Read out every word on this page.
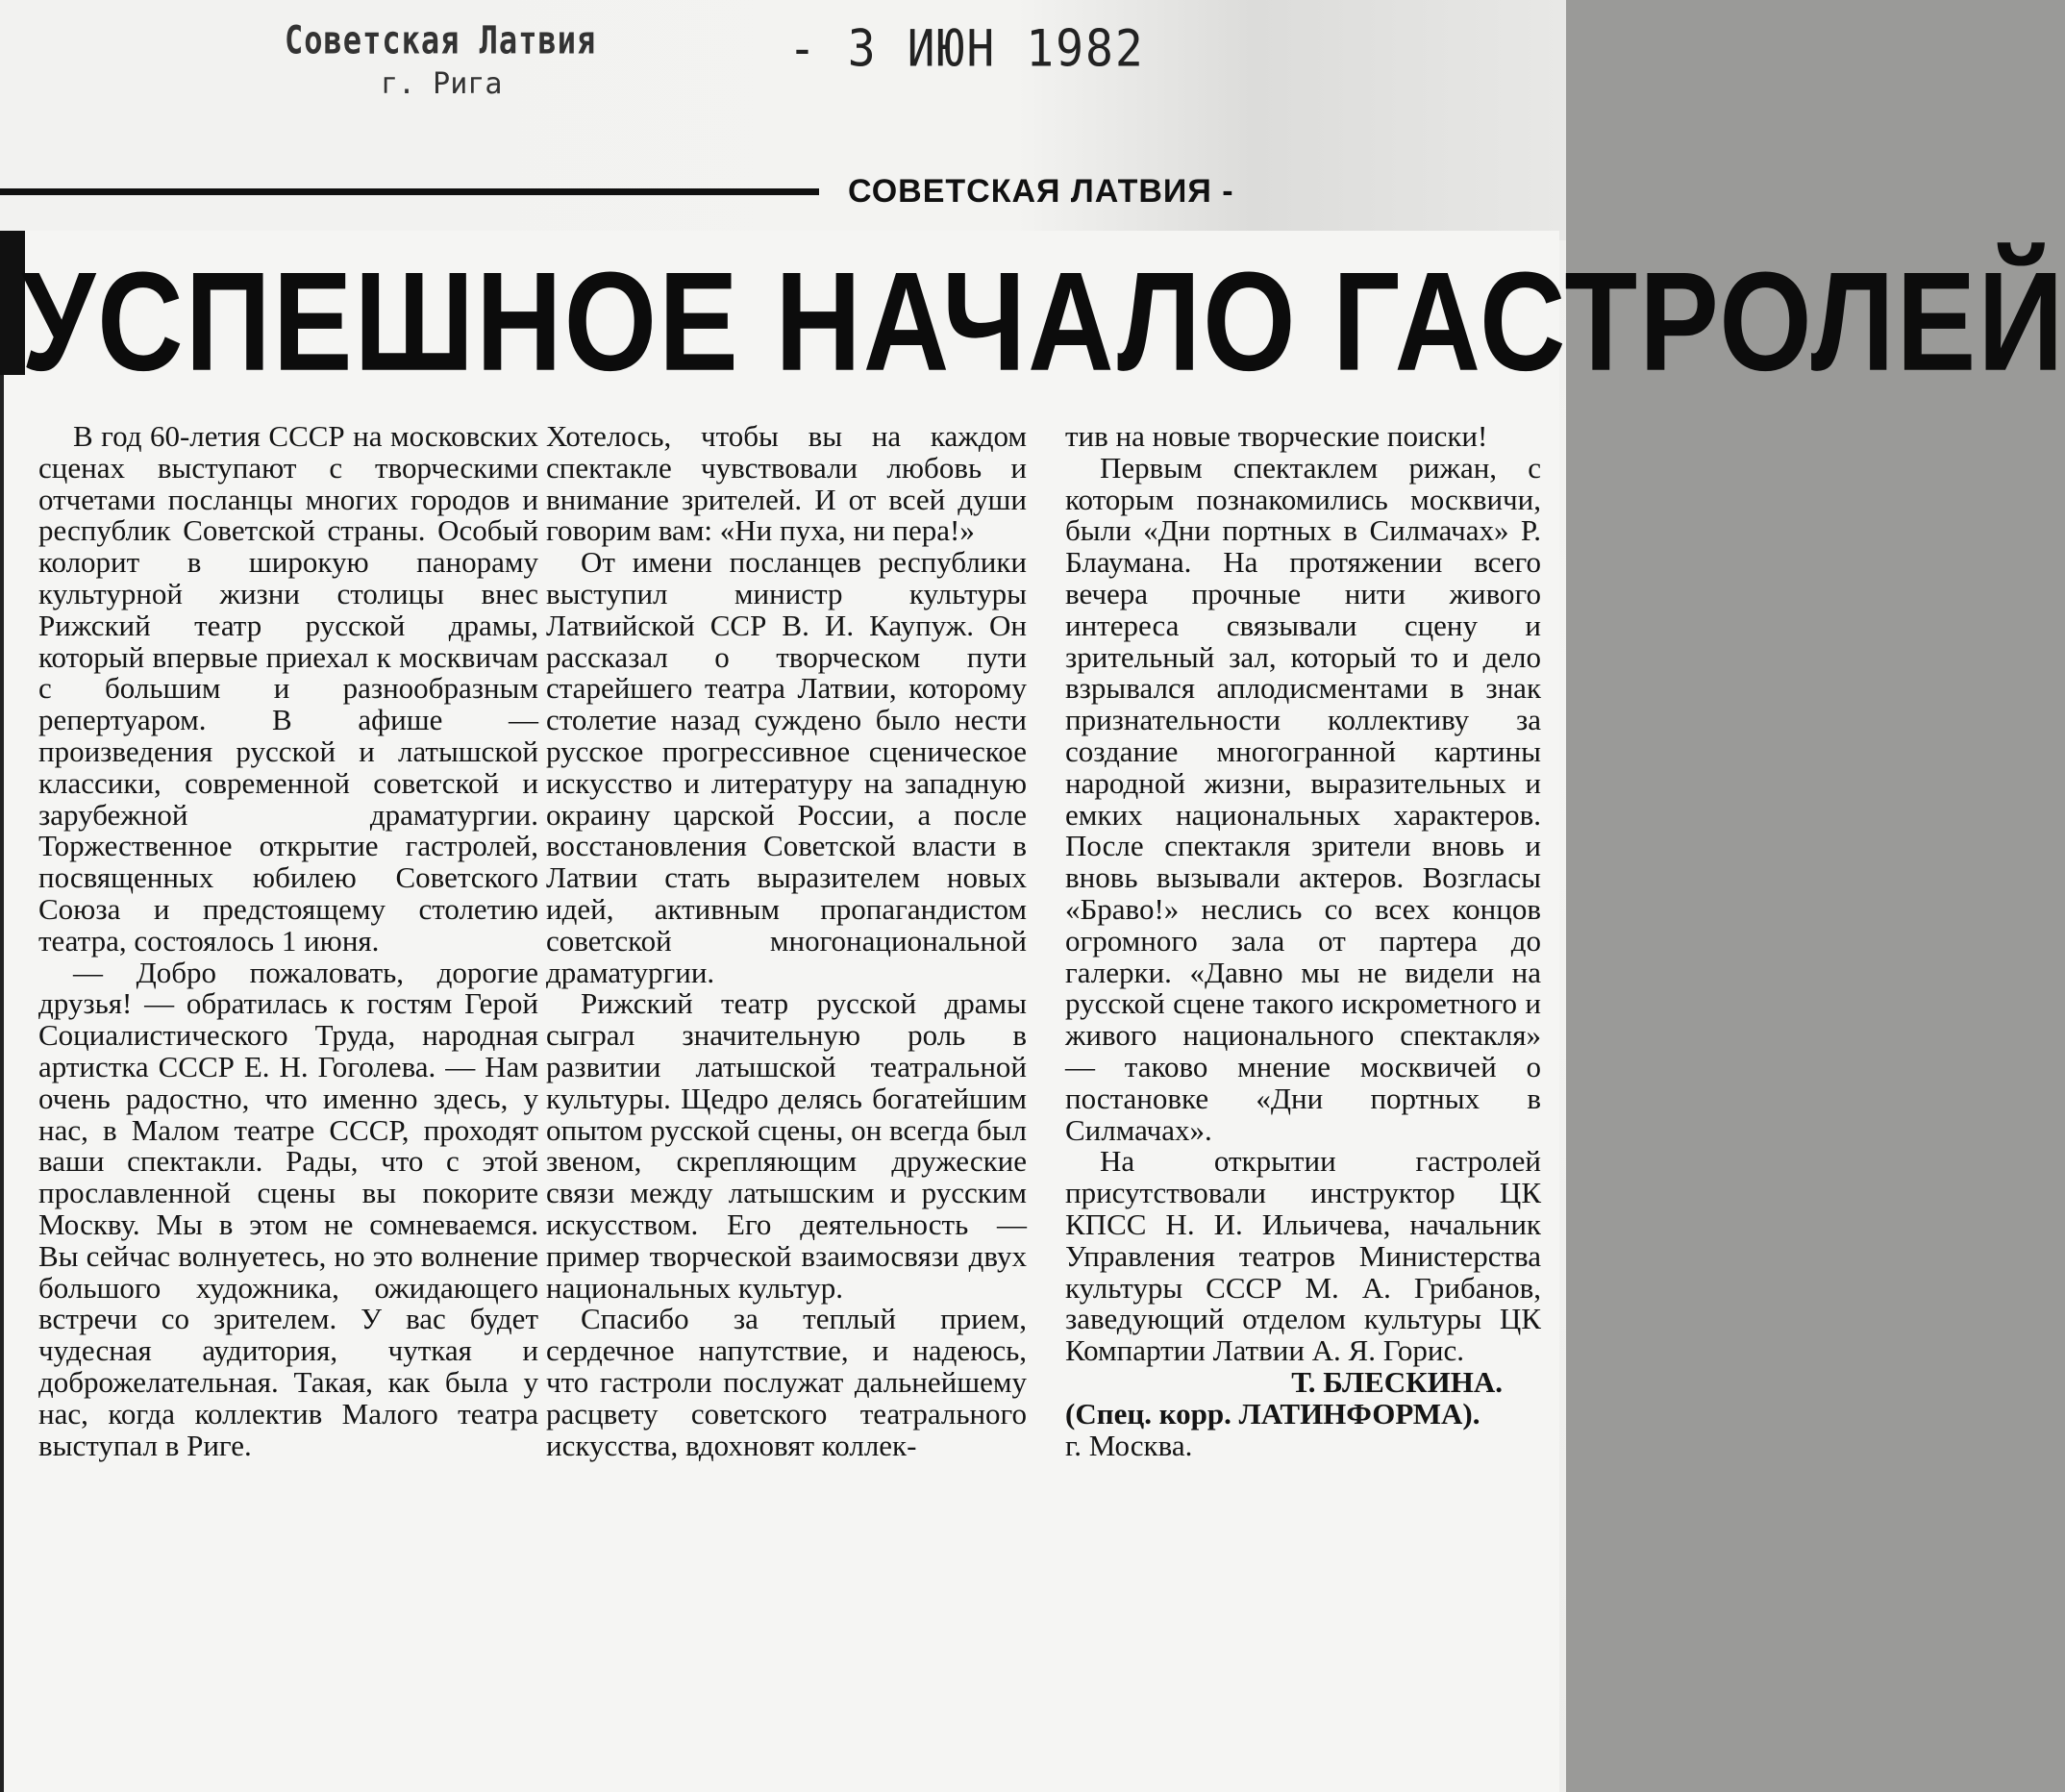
Советская Латвия
г. Рига
- 3 ИЮН 1982
СОВЕТСКАЯ ЛАТВИЯ -
УСПЕШНОЕ НАЧАЛО ГАСТРОЛЕЙ

В год 60-летия СССР на московских сценах выступают с творческими отчетами посланцы многих городов и республик Советской страны. Особый колорит в широкую панораму культурной жизни столицы внес Рижский театр русской драмы, который впервые приехал к москвичам с большим и разнообразным репертуаром. В афише — произведения русской и латышской классики, современной советской и зарубежной драматургии. Торжественное открытие гастролей, посвященных юбилею Советского Союза и предстоящему столетию театра, состоялось 1 июня.

— Добро пожаловать, дорогие друзья! — обратилась к гостям Герой Социалистического Труда, народная артистка СССР Е. Н. Гоголева. — Нам очень радостно, что именно здесь, у нас, в Малом театре СССР, проходят ваши спектакли. Рады, что с этой прославленной сцены вы покорите Москву. Мы в этом не сомневаемся. Вы сейчас волнуетесь, но это волнение большого художника, ожидающего встречи со зрителем. У вас будет чудесная аудитория, чуткая и доброжелательная. Такая, как была у нас, когда коллектив Малого театра выступал в Риге.

Хотелось, чтобы вы на каждом спектакле чувствовали любовь и внимание зрителей. И от всей души говорим вам: «Ни пуха, ни пера!»

От имени посланцев республики выступил министр культуры Латвийской ССР В. И. Каупуж. Он рассказал о творческом пути старейшего театра Латвии, которому столетие назад суждено было нести русское прогрессивное сценическое искусство и литературу на западную окраину царской России, а после восстановления Советской власти в Латвии стать выразителем новых идей, активным пропагандистом советской многонациональной драматургии.

Рижский театр русской драмы сыграл значительную роль в развитии латышской театральной культуры. Щедро делясь богатейшим опытом русской сцены, он всегда был звеном, скрепляющим дружеские связи между латышским и русским искусством. Его деятельность — пример творческой взаимосвязи двух национальных культур.

Спасибо за теплый прием, сердечное напутствие, и надеюсь, что гастроли послужат дальнейшему расцвету советского театрального искусства, вдохновят коллек-

тив на новые творческие поиски!

Первым спектаклем рижан, с которым познакомились москвичи, были «Дни портных в Силмачах» Р. Блаумана. На протяжении всего вечера прочные нити живого интереса связывали сцену и зрительный зал, который то и дело взрывался аплодисментами в знак признательности коллективу за создание многогранной картины народной жизни, выразительных и емких национальных характеров. После спектакля зрители вновь и вновь вызывали актеров. Возгласы «Браво!» неслись со всех концов огромного зала от партера до галерки. «Давно мы не видели на русской сцене такого искрометного и живого национального спектакля» — таково мнение москвичей о постановке «Дни портных в Силмачах».

На открытии гастролей присутствовали инструктор ЦК КПСС Н. И. Ильичева, начальник Управления театров Министерства культуры СССР М. А. Грибанов, заведующий отделом культуры ЦК Компартии Латвии А. Я. Горис.

Т. БЛЕСКИНА.

(Спец. корр. ЛАТИНФОРМА).

г. Москва.
